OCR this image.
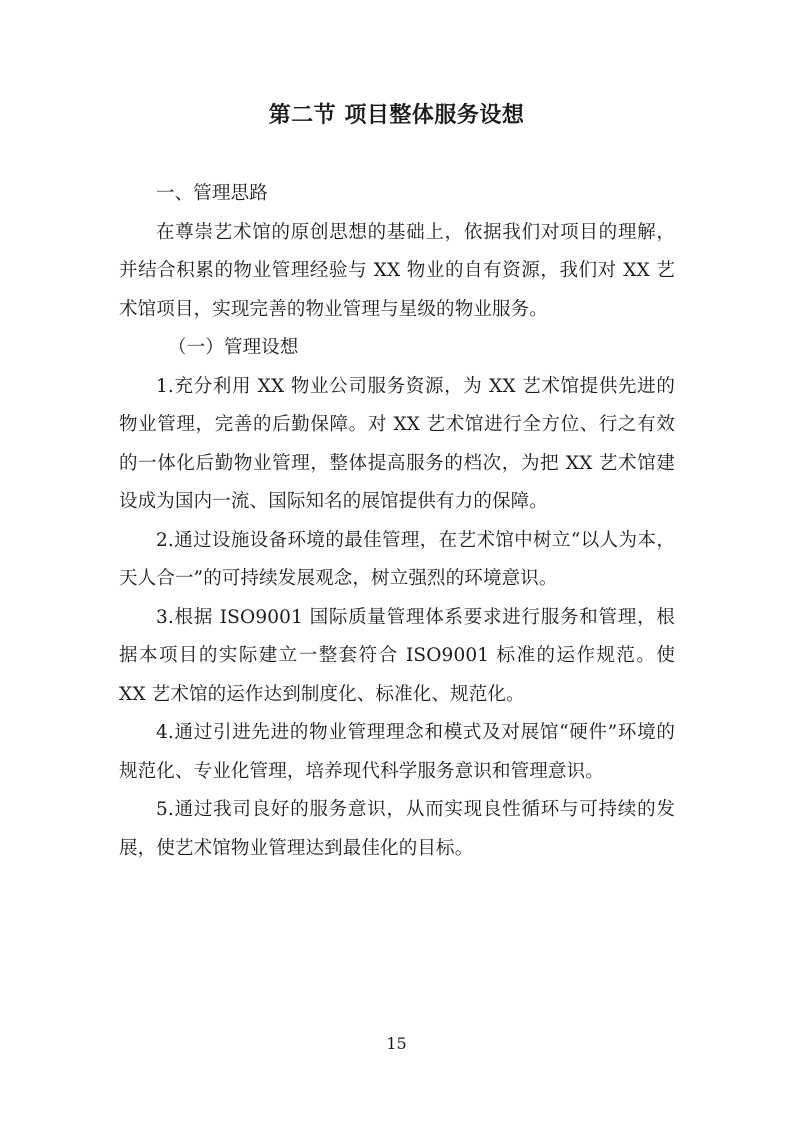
第二节 项目整体服务设想

一、管理思路

在尊崇艺术馆的原创思想的基础上，依据我们对项目的理解，并结合积累的物业管理经验与 XX 物业的自有资源，我们对 XX 艺术馆项目，实现完善的物业管理与星级的物业服务。

（一）管理设想

1.充分利用 XX 物业公司服务资源，为 XX 艺术馆提供先进的物业管理，完善的后勤保障。对 XX 艺术馆进行全方位、行之有效的一体化后勤物业管理，整体提高服务的档次，为把 XX 艺术馆建设成为国内一流、国际知名的展馆提供有力的保障。

2.通过设施设备环境的最佳管理，在艺术馆中树立“以人为本，天人合一”的可持续发展观念，树立强烈的环境意识。

3.根据 ISO9001 国际质量管理体系要求进行服务和管理，根据本项目的实际建立一整套符合 ISO9001 标准的运作规范。使 XX 艺术馆的运作达到制度化、标准化、规范化。

4.通过引进先进的物业管理理念和模式及对展馆“硬件”环境的规范化、专业化管理，培养现代科学服务意识和管理意识。

5.通过我司良好的服务意识，从而实现良性循环与可持续的发展，使艺术馆物业管理达到最佳化的目标。

15
